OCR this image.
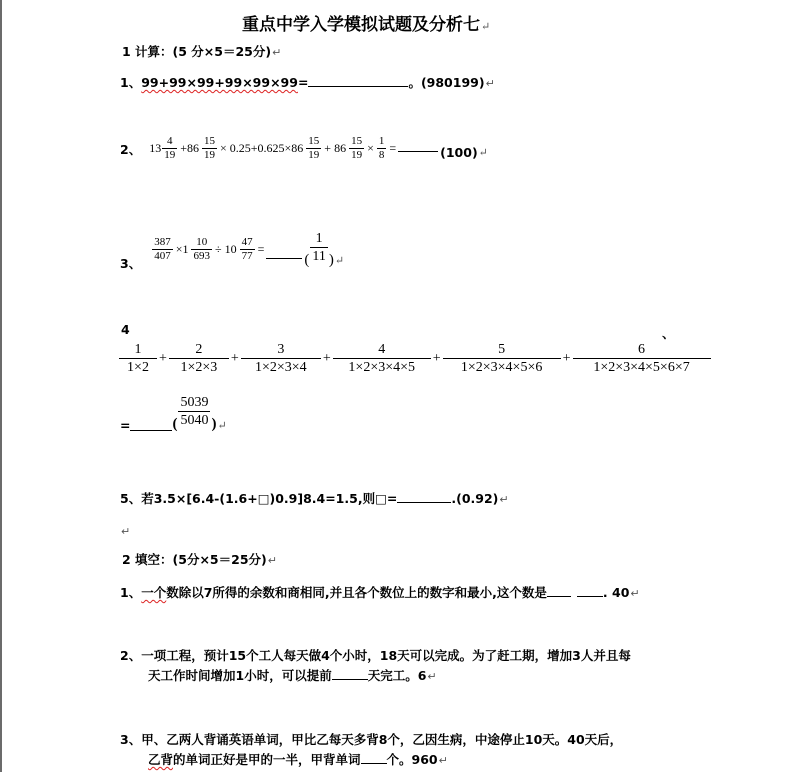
重点中学入学模拟试题及分析七↵
1 计算：(5 分×5＝25分)↵
1、99+99×99+99×99×99=	。(980199)↵
2、 $13 \frac{4}{19} +86 \frac{15}{19} \times 0.25+0.625\times 86 \frac{15}{19} + 86 \frac{15}{19} \times \frac{1}{8}$ =	(100) ↵
3、
$\frac{387}{407} \times 1 \frac{10}{693} \div 10 \frac{47}{77}$ =
( $\frac{1}{11}$ ) ↵
4	、
$\frac{1}{1\times 2} + \frac{2}{1\times 2\times 3} + \frac{3}{1\times 2\times 3\times 4} + \frac{4}{1\times 2\times 3\times 4\times 5} + \frac{5}{1\times 2\times 3\times 4\times 5\times 6} + \frac{6}{1\times 2\times 3\times 4\times 5\times 6\times 7}$
=	( $\frac{5039}{5040}$ ) ↵
5、若3.5×[6.4-(1.6+□)0.9]8.4=1.5,则□=	.(0.92)↵
↵
2 填空：(5分×5＝25分)↵
1、一个数除以7所得的余数和商相同,并且各个数位上的数字和最小,这个数是	. 40↵
2、一项工程，预计15个工人每天做4个小时，18天可以完成。为了赶工期，增加3人并且每
天工作时间增加1小时，可以提前	天完工。6↵
3、甲、乙两人背诵英语单词，甲比乙每天多背8个，乙因生病，中途停止10天。40天后，
乙背的单词正好是甲的一半，甲背单词 个。960↵
